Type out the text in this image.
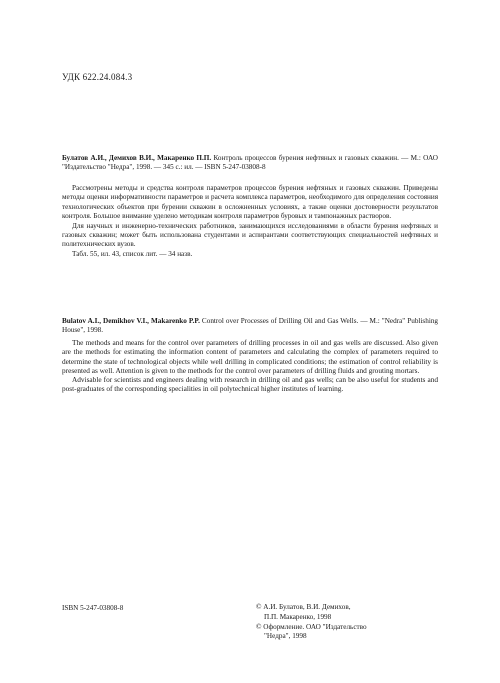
УДК 622.24.084.3

Булатов А.И., Демихов В.И., Макаренко П.П. Контроль процессов бурения нефтяных и газовых скважин. — М.: ОАО "Издательство "Недра", 1998. — 345 с.: ил. — ISBN 5-247-03808-8

Рассмотрены методы и средства контроля параметров процессов бурения нефтяных и газовых скважин. Приведены методы оценки информативности параметров и расчета комплекса параметров, необходимого для определения состояния технологических объектов при бурении скважин в осложненных условиях, а также оценки достоверности результатов контроля. Большое внимание уделено методикам контроля параметров буровых и тампонажных растворов.

Для научных и инженерно-технических работников, занимающихся исследованиями в области бурения нефтяных и газовых скважин; может быть использована студентами и аспирантами соответствующих специальностей нефтяных и политехнических вузов.

Табл. 55, ил. 43, список лит. — 34 назв.

Bulatov A.I., Demikhov V.I., Makarenko P.P. Control over Processes of Drilling Oil and Gas Wells. — M.: "Nedra" Publishing House", 1998.

The methods and means for the control over parameters of drilling processes in oil and gas wells are discussed. Also given are the methods for estimating the information content of parameters and calculating the complex of parameters required to determine the state of technological objects while well drilling in complicated conditions; the estimation of control reliability is presented as well. Attention is given to the methods for the control over parameters of drilling fluids and grouting mortars.

Advisable for scientists and engineers dealing with research in drilling oil and gas wells; can be also useful for students and post-graduates of the corresponding specialities in oil polytechnical higher institutes of learning.

ISBN 5-247-03808-8	© А.И. Булатов, В.И. Демихов,
П.П. Макаренко, 1998
© Оформление. ОАО "Издательство
"Недра", 1998
